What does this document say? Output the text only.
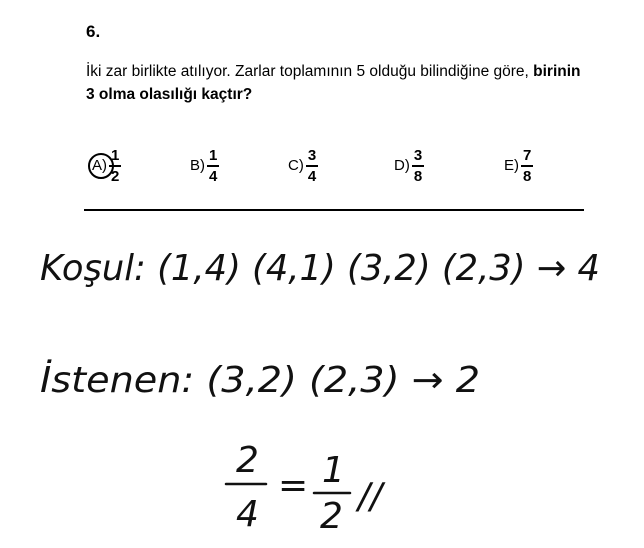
6.

İki zar birlikte atılıyor. Zarlar toplamının 5 olduğu bilindiğine göre, birinin 3 olma olasılığı kaçtır?

$A) \frac{1}{2}$	$B) \frac{1}{4}$	$C) \frac{3}{4}$	$D) \frac{3}{8}$	$E) \frac{7}{8}$
Koşul: (1,4) (4,1) (3,2) (2,3) → 4
İstenen: (3,2) (2,3) → 2
2
4
= 1
2 //
